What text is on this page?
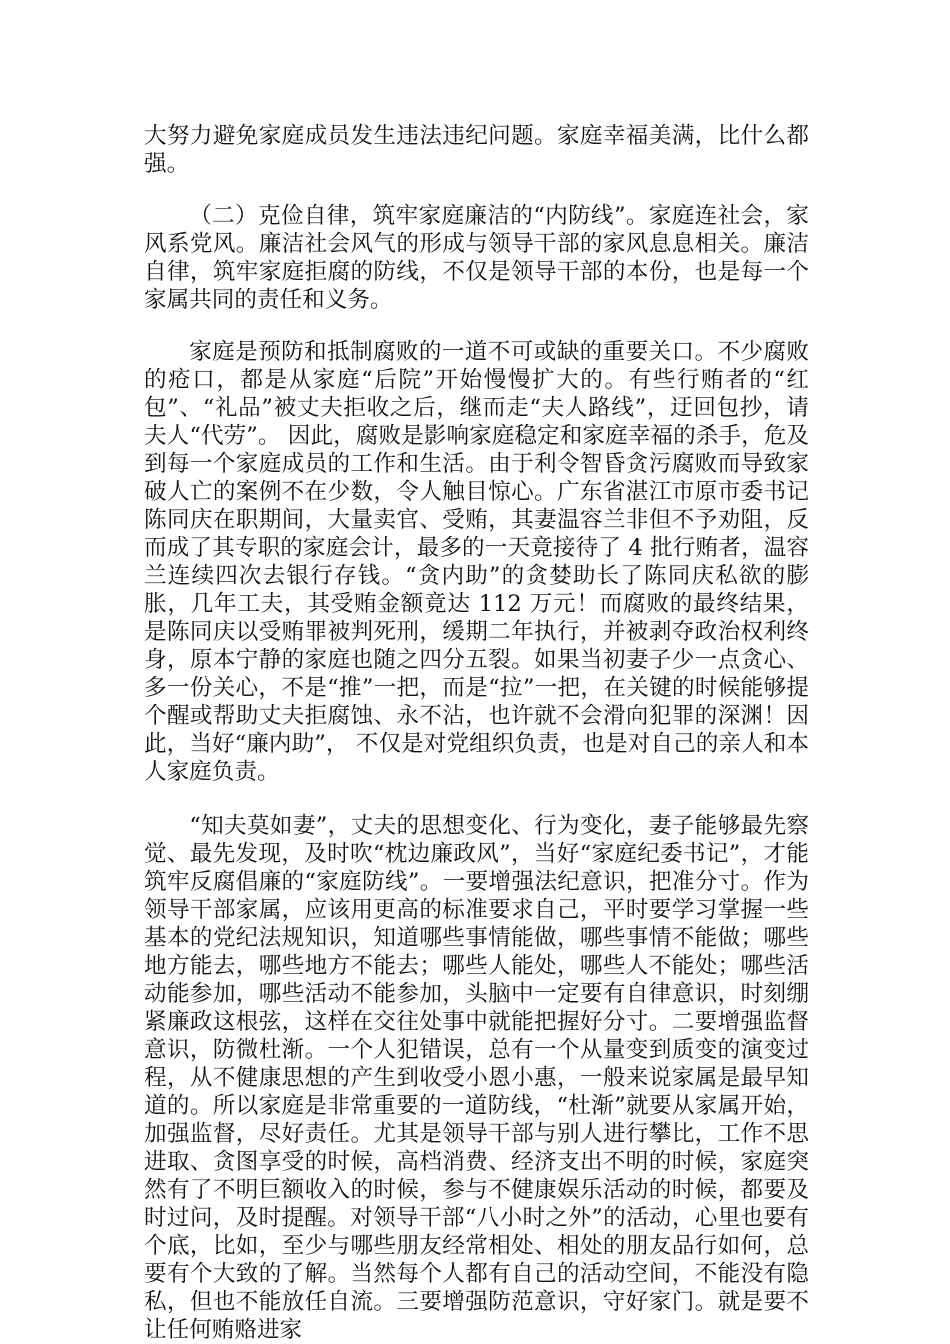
大努力避免家庭成员发生违法违纪问题。家庭幸福美满，比什么都强。

（二）克俭自律，筑牢家庭廉洁的“内防线”。家庭连社会，家风系党风。廉洁社会风气的形成与领导干部的家风息息相关。廉洁自律，筑牢家庭拒腐的防线，不仅是领导干部的本份，也是每一个家属共同的责任和义务。

家庭是预防和抵制腐败的一道不可或缺的重要关口。不少腐败的疮口，都是从家庭“后院”开始慢慢扩大的。有些行贿者的“红包”、“礼品”被丈夫拒收之后，继而走“夫人路线”，迂回包抄，请夫人“代劳”。 因此，腐败是影响家庭稳定和家庭幸福的杀手，危及到每一个家庭成员的工作和生活。由于利令智昏贪污腐败而导致家破人亡的案例不在少数，令人触目惊心。广东省湛江市原市委书记陈同庆在职期间，大量卖官、受贿，其妻温容兰非但不予劝阻，反而成了其专职的家庭会计，最多的一天竟接待了 4 批行贿者，温容兰连续四次去银行存钱。“贪内助”的贪婪助长了陈同庆私欲的膨胀，几年工夫，其受贿金额竟达 112 万元！而腐败的最终结果，是陈同庆以受贿罪被判死刑，缓期二年执行，并被剥夺政治权利终身，原本宁静的家庭也随之四分五裂。如果当初妻子少一点贪心、多一份关心，不是“推”一把，而是“拉”一把，在关键的时候能够提个醒或帮助丈夫拒腐蚀、永不沾，也许就不会滑向犯罪的深渊！因此，当好“廉内助”， 不仅是对党组织负责，也是对自己的亲人和本人家庭负责。

“知夫莫如妻”，丈夫的思想变化、行为变化，妻子能够最先察觉、最先发现，及时吹“枕边廉政风”，当好“家庭纪委书记”，才能筑牢反腐倡廉的“家庭防线”。一要增强法纪意识，把准分寸。作为领导干部家属，应该用更高的标准要求自己，平时要学习掌握一些基本的党纪法规知识，知道哪些事情能做，哪些事情不能做；哪些地方能去，哪些地方不能去；哪些人能处，哪些人不能处；哪些活动能参加，哪些活动不能参加，头脑中一定要有自律意识，时刻绷紧廉政这根弦，这样在交往处事中就能把握好分寸。二要增强监督意识，防微杜渐。一个人犯错误，总有一个从量变到质变的演变过程，从不健康思想的产生到收受小恩小惠，一般来说家属是最早知道的。所以家庭是非常重要的一道防线，“杜渐”就要从家属开始，加强监督，尽好责任。尤其是领导干部与别人进行攀比，工作不思进取、贪图享受的时候，高档消费、经济支出不明的时候，家庭突然有了不明巨额收入的时候，参与不健康娱乐活动的时候，都要及时过问，及时提醒。对领导干部“八小时之外”的活动，心里也要有个底，比如，至少与哪些朋友经常相处、相处的朋友品行如何，总要有个大致的了解。当然每个人都有自己的活动空间，不能没有隐私，但也不能放任自流。三要增强防范意识，守好家门。就是要不让任何贿赂进家
